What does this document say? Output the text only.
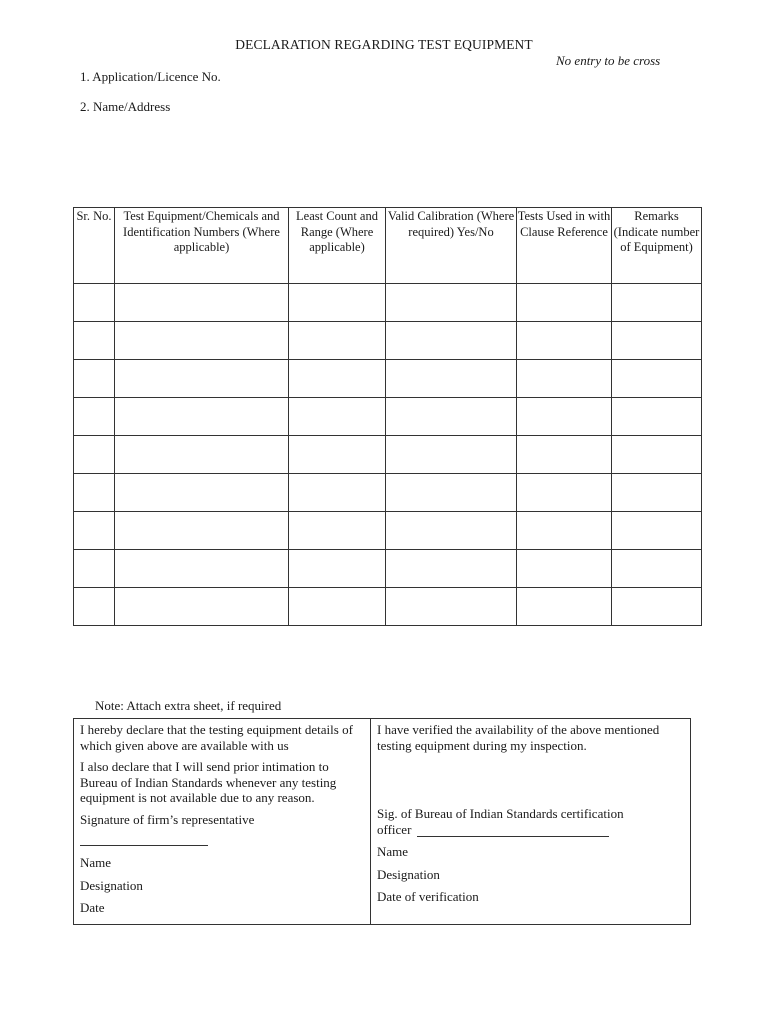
DECLARATION REGARDING TEST EQUIPMENT
No entry to be cross
1. Application/Licence No.
2. Name/Address
Sr. No.	Test Equipment/Chemicals and Identification Numbers (Where applicable)	Least Count and Range (Where applicable)	Valid Calibration (Where required) Yes/No	Tests Used in with Clause Reference	Remarks (Indicate number of Equipment)

Note: Attach extra sheet, if required

I hereby declare that the testing equipment details of which given above are available with us

I also declare that I will send prior intimation to Bureau of Indian Standards whenever any testing equipment is not available due to any reason.

Signature of firm’s representative

Name

Designation

Date

I have verified the availability of the above mentioned testing equipment during my inspection.

Sig. of Bureau of Indian Standards certification

officer

Name

Designation

Date of verification
